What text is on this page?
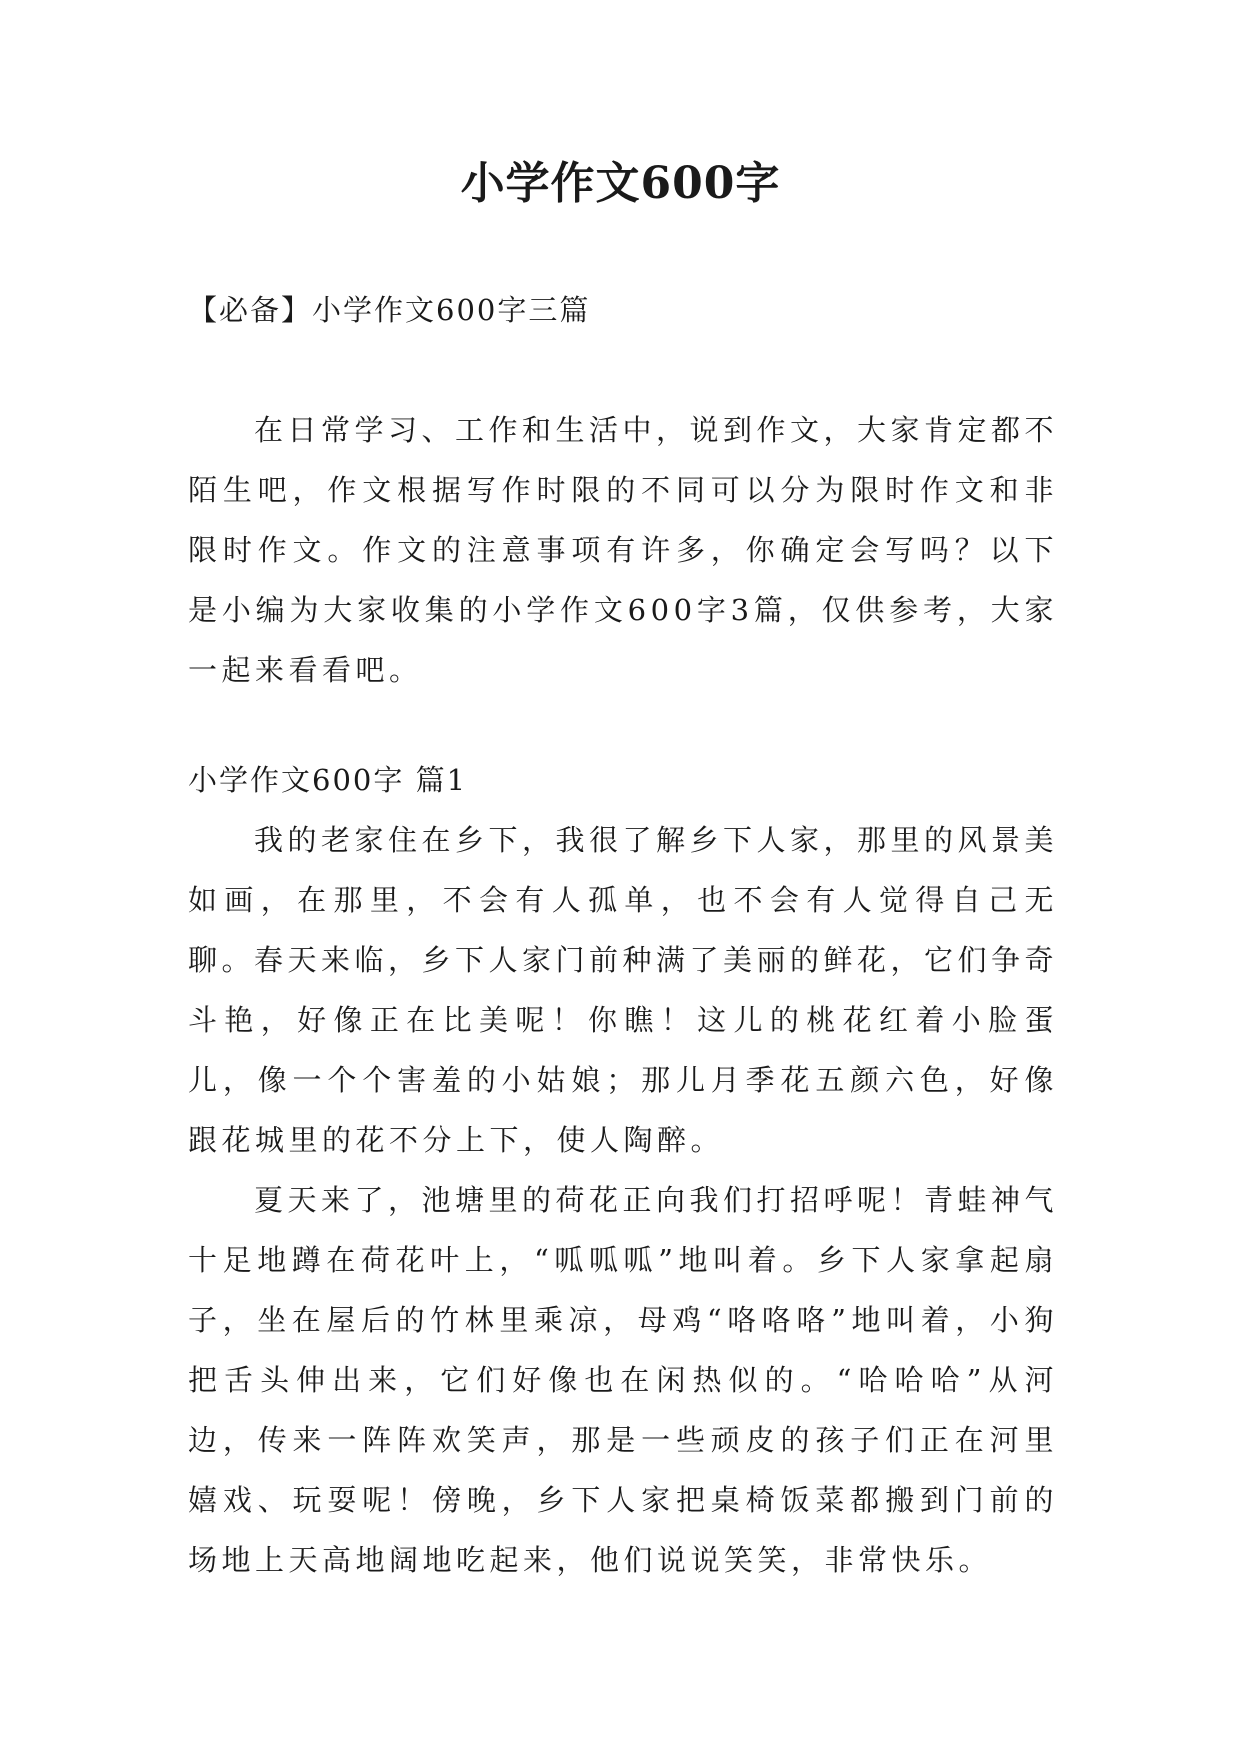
小学作文600字

【必备】小学作文600字三篇

在日常学习、工作和生活中，说到作文，大家肯定都不陌生吧，作文根据写作时限的不同可以分为限时作文和非限时作文。作文的注意事项有许多，你确定会写吗？以下是小编为大家收集的小学作文600字3篇，仅供参考，大家一起来看看吧。

小学作文600字 篇1

我的老家住在乡下，我很了解乡下人家，那里的风景美如画，在那里，不会有人孤单，也不会有人觉得自己无聊。

春天来临，乡下人家门前种满了美丽的鲜花，它们争奇斗艳，好像正在比美呢！你瞧！这儿的桃花红着小脸蛋儿，像一个个害羞的小姑娘；那儿月季花五颜六色，好像跟花城里的花不分上下，使人陶醉。

夏天来了，池塘里的荷花正向我们打招呼呢！青蛙神气十足地蹲在荷花叶上，“呱呱呱”地叫着。乡下人家拿起扇子，坐在屋后的竹林里乘凉，母鸡“咯咯咯”地叫着，小狗把舌头伸出来，它们好像也在闲热似的。“哈哈哈”从河边，传来一阵阵欢笑声，那是一些顽皮的孩子们正在河里嬉戏、玩耍呢！傍晚，乡下人家把桌椅饭菜都搬到门前的场地上天高地阔地吃起来，他们说说笑笑，非常快乐。
